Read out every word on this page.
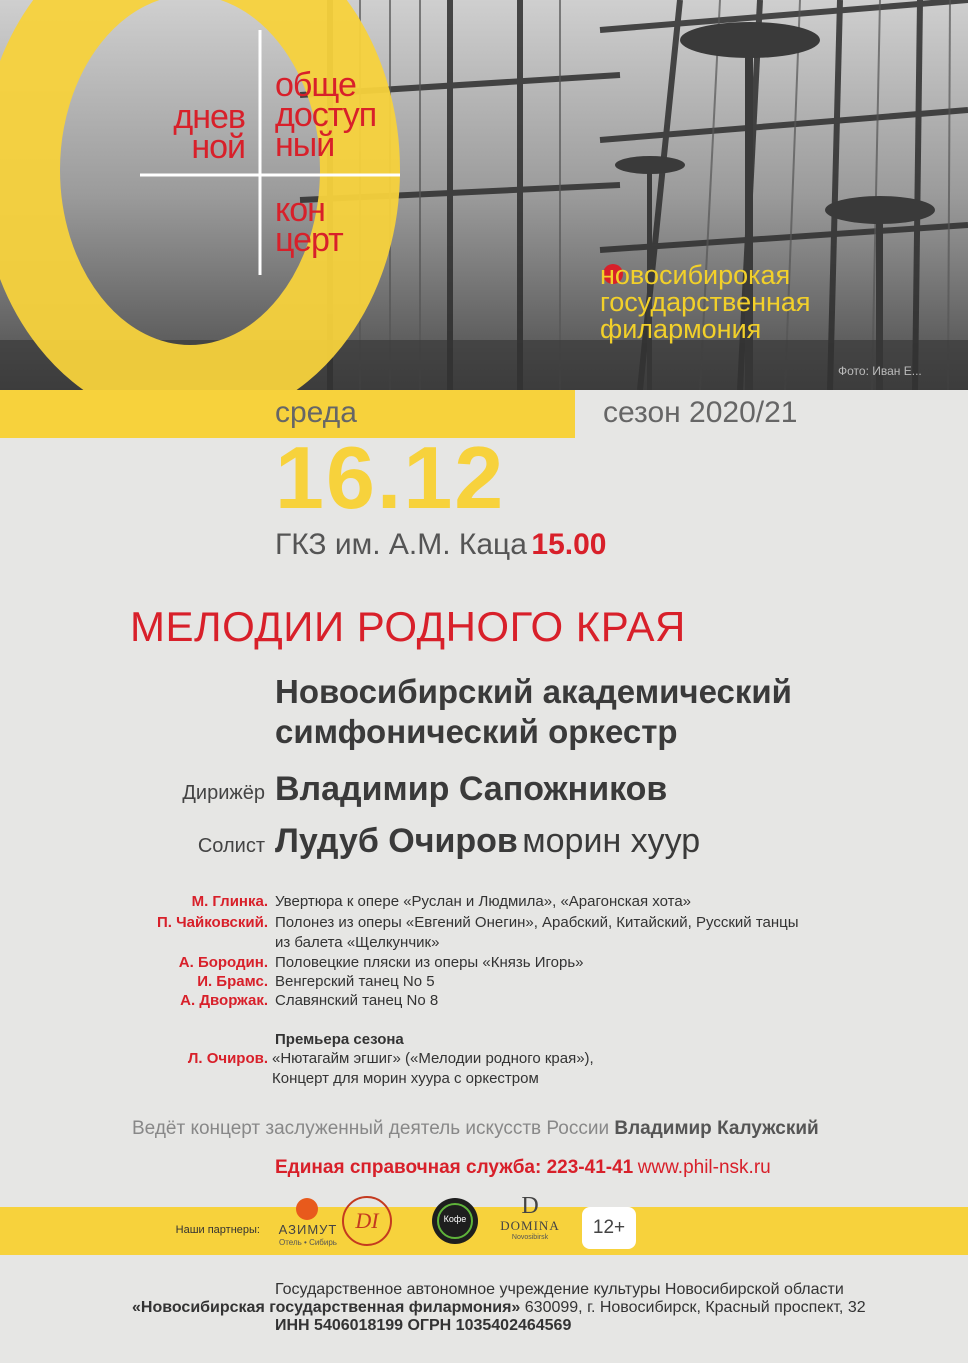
днев
ной
обще
доступ
ный
кон
церт
новосибирокая
государственная
филармония
Фото: Иван Е...
среда	сезон 2020/21
16.12
ГКЗ им. А.М. Каца 15.00
МЕЛОДИИ РОДНОГО КРАЯ
Новосибирский академический
симфонический оркестр
Дирижёр Владимир Сапожников
Солист Лудуб Очиров морин хуур
М. Глинка. Увертюра к опере «Руслан и Людмила», «Арагонская хота»
П. Чайковский. Полонез из оперы «Евгений Онегин», Арабский, Китайский, Русский танцы
из балета «Щелкунчик»
А. Бородин. Половецкие пляски из оперы «Князь Игорь»
И. Брамс. Венгерский танец No 5
А. Дворжак. Славянский танец No 8
Премьера сезона
Л. Очиров. «Нютагайм эгшиг» («Мелодии родного края»),
Концерт для морин хуура с оркестром
Ведёт концерт заслуженный деятель искусств России Владимир Калужский
Единая справочная служба: 223-41-41 www.phil-nsk.ru
Наши партнеры:	АЗИМУТ
Отель • Сибирь
DI	Кофе	D
DOMINA
Novosibirsk	12+
Государственное автономное учреждение культуры Новосибирской области
«Новосибирская государственная филармония» 630099, г. Новосибирск, Красный проспект, 32
ИНН 5406018199 ОГРН 1035402464569
